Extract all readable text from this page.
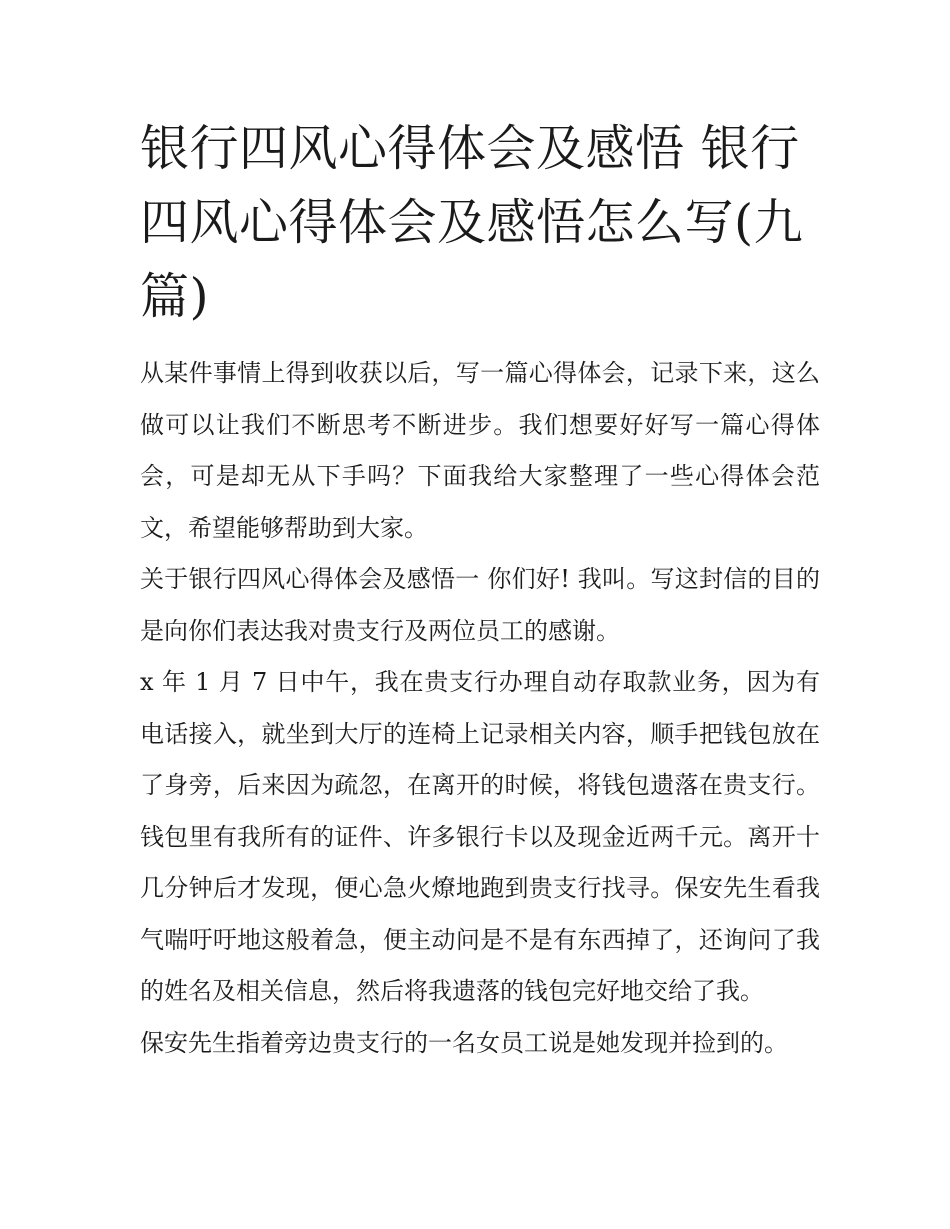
银行四风心得体会及感悟 银行四风心得体会及感悟怎么写(九篇)

从某件事情上得到收获以后，写一篇心得体会，记录下来，这么做可以让我们不断思考不断进步。我们想要好好写一篇心得体会，可是却无从下手吗？下面我给大家整理了一些心得体会范文，希望能够帮助到大家。

关于银行四风心得体会及感悟一 你们好! 我叫。写这封信的目的是向你们表达我对贵支行及两位员工的感谢。

x 年 1 月 7 日中午，我在贵支行办理自动存取款业务，因为有电话接入，就坐到大厅的连椅上记录相关内容，顺手把钱包放在了身旁，后来因为疏忽，在离开的时候，将钱包遗落在贵支行。钱包里有我所有的证件、许多银行卡以及现金近两千元。离开十几分钟后才发现，便心急火燎地跑到贵支行找寻。保安先生看我气喘吁吁地这般着急，便主动问是不是有东西掉了，还询问了我的姓名及相关信息，然后将我遗落的钱包完好地交给了我。

保安先生指着旁边贵支行的一名女员工说是她发现并捡到的。
